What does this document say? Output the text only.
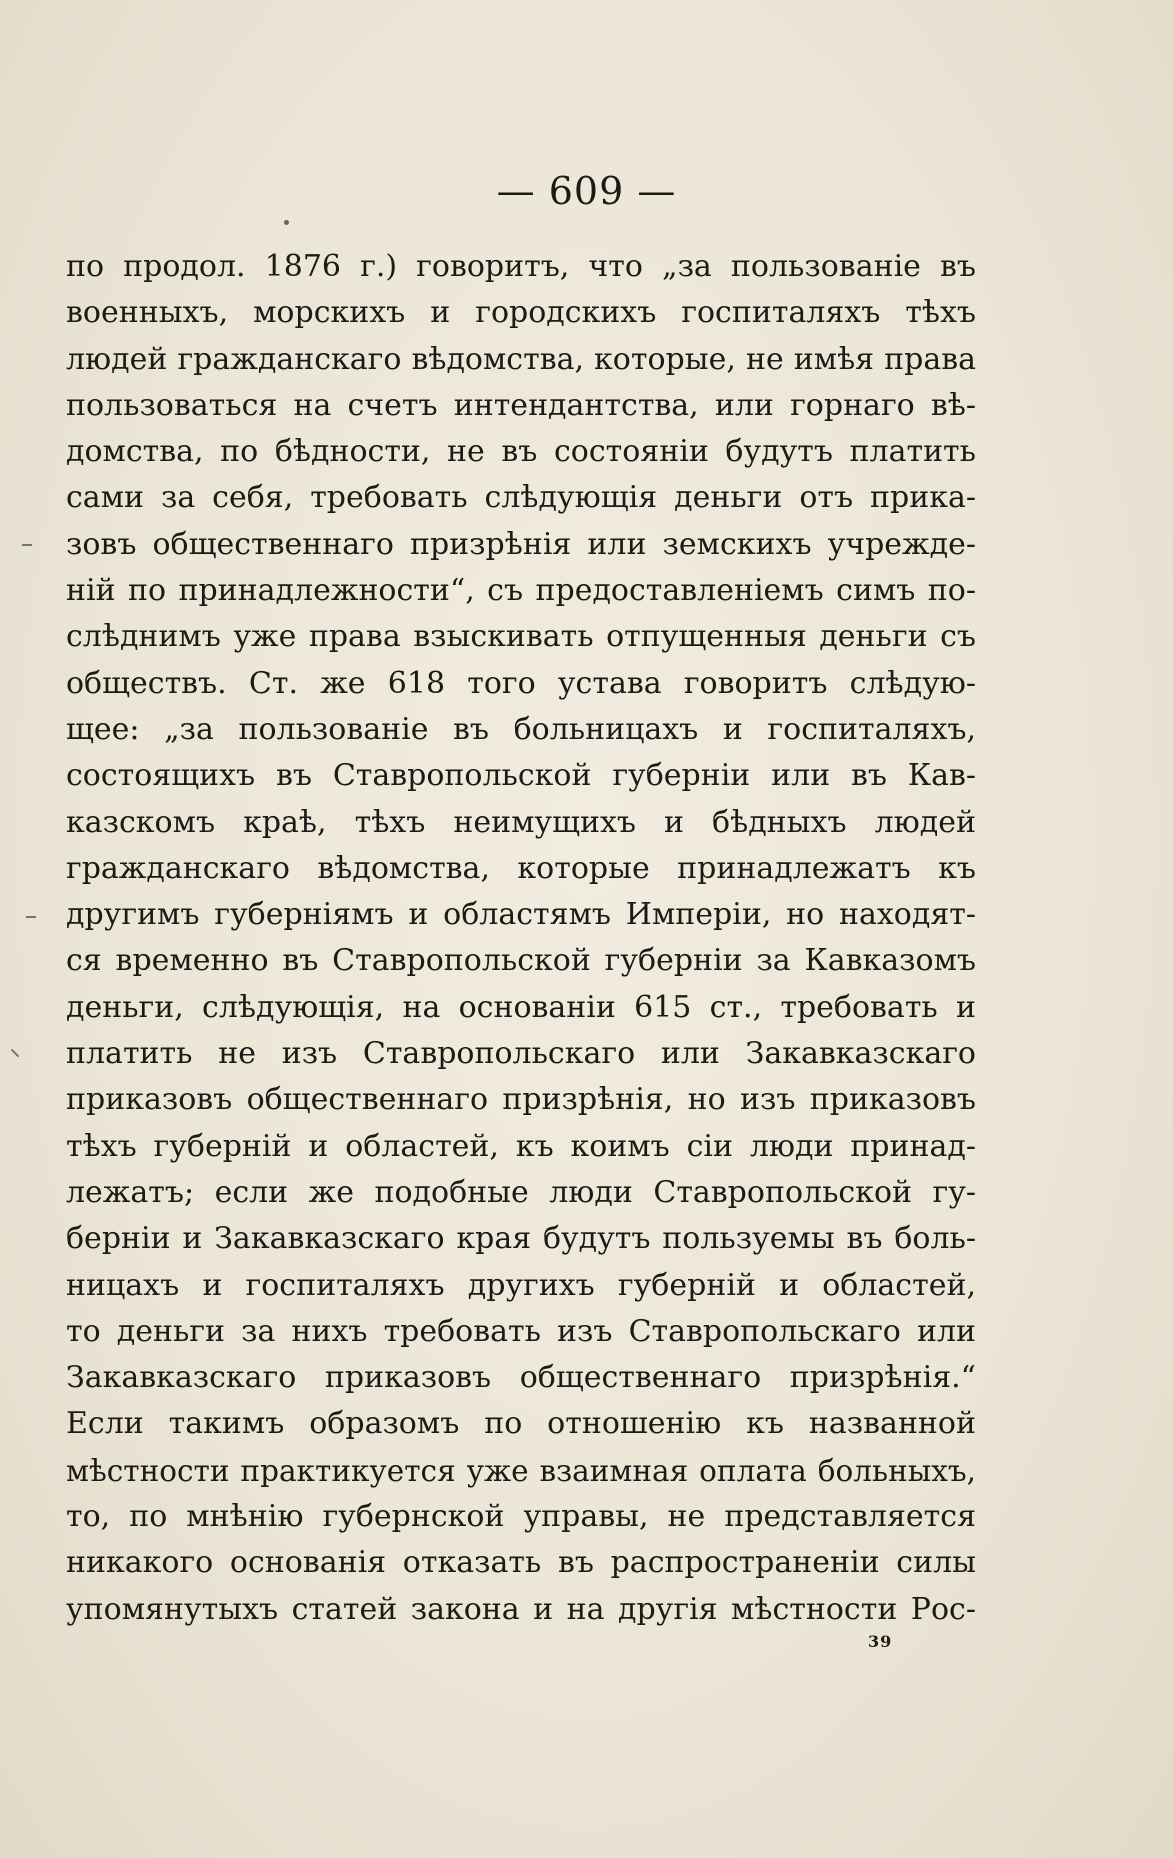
— 609 —
по продол. 1876 г.) говоритъ, что „за пользованіе въ
военныхъ, морскихъ и городскихъ госпиталяхъ тѣхъ
людей гражданскаго вѣдомства, которые, не имѣя права
пользоваться на счетъ интендантства, или горнаго вѣ-
домства, по бѣдности, не въ состояніи будутъ платить
сами за себя, требовать слѣдующія деньги отъ прика-
зовъ общественнаго призрѣнія или земскихъ учрежде-
ній по принадлежности“, съ предоставленіемъ симъ по-
слѣднимъ уже права взыскивать отпущенныя деньги съ
обществъ. Ст. же 618 того устава говоритъ слѣдую-
щее: „за пользованіе въ больницахъ и госпиталяхъ,
состоящихъ въ Ставропольской губерніи или въ Кав-
казскомъ краѣ, тѣхъ неимущихъ и бѣдныхъ людей
гражданскаго вѣдомства, которые принадлежатъ къ
другимъ губерніямъ и областямъ Имперіи, но находят-
ся временно въ Ставропольской губерніи за Кавказомъ
деньги, слѣдующія, на основаніи 615 ст., требовать и
платить не изъ Ставропольскаго или Закавказскаго
приказовъ общественнаго призрѣнія, но изъ приказовъ
тѣхъ губерній и областей, къ коимъ сіи люди принад-
лежатъ; если же подобные люди Ставропольской гу-
берніи и Закавказскаго края будутъ пользуемы въ боль-
ницахъ и госпиталяхъ другихъ губерній и областей,
то деньги за нихъ требовать изъ Ставропольскаго или
Закавказскаго приказовъ общественнаго призрѣнія.“
Если такимъ образомъ по отношенію къ названной
мѣстности практикуется уже взаимная оплата больныхъ,
то, по мнѣнію губернской управы, не представляется
никакого основанія отказать въ распространеніи силы
упомянутыхъ статей закона и на другія мѣстности Рос-
39
